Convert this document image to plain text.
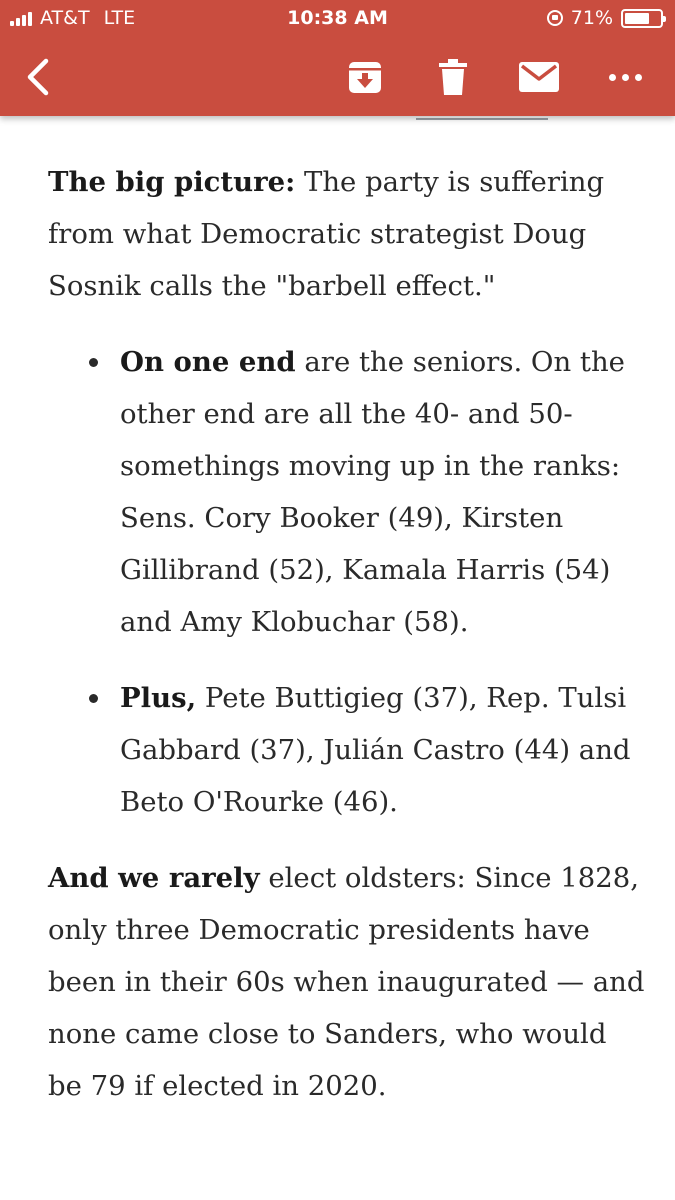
AT&T LTE	10:38 AM	71%

The big picture: The party is suffering from what Democratic strategist Doug Sosnik calls the "barbell effect."

On one end are the seniors. On the other end are all the 40- and 50-somethings moving up in the ranks: Sens. Cory Booker (49), Kirsten Gillibrand (52), Kamala Harris (54) and Amy Klobuchar (58).
Plus, Pete Buttigieg (37), Rep. Tulsi Gabbard (37), Julián Castro (44) and Beto O'Rourke (46).

And we rarely elect oldsters: Since 1828, only three Democratic presidents have been in their 60s when inaugurated — and none came close to Sanders, who would be 79 if elected in 2020.
